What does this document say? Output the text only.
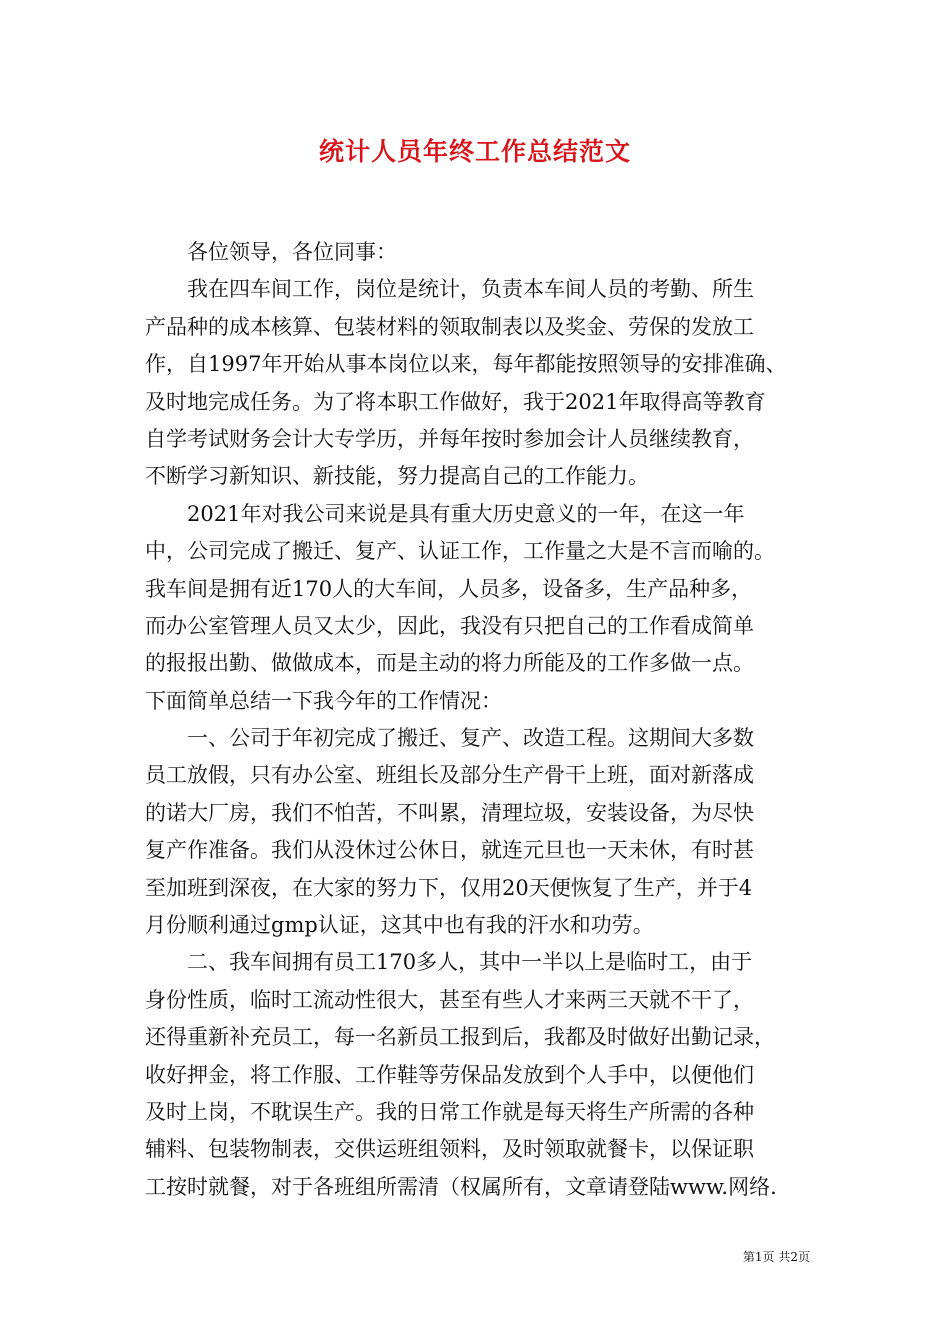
统计人员年终工作总结范文
　　各位领导，各位同事：
　　我在四车间工作，岗位是统计，负责本车间人员的考勤、所生
产品种的成本核算、包装材料的领取制表以及奖金、劳保的发放工
作，自1997年开始从事本岗位以来，每年都能按照领导的安排准确、
及时地完成任务。为了将本职工作做好，我于2021年取得高等教育
自学考试财务会计大专学历，并每年按时参加会计人员继续教育，
不断学习新知识、新技能，努力提高自己的工作能力。
　　2021年对我公司来说是具有重大历史意义的一年，在这一年
中，公司完成了搬迁、复产、认证工作，工作量之大是不言而喻的。
我车间是拥有近170人的大车间，人员多，设备多，生产品种多，
而办公室管理人员又太少，因此，我没有只把自己的工作看成简单
的报报出勤、做做成本，而是主动的将力所能及的工作多做一点。
下面简单总结一下我今年的工作情况：
　　一、公司于年初完成了搬迁、复产、改造工程。这期间大多数
员工放假，只有办公室、班组长及部分生产骨干上班，面对新落成
的诺大厂房，我们不怕苦，不叫累，清理垃圾，安装设备，为尽快
复产作准备。我们从没休过公休日，就连元旦也一天未休，有时甚
至加班到深夜，在大家的努力下，仅用20天便恢复了生产，并于4
月份顺利通过gmp认证，这其中也有我的汗水和功劳。
　　二、我车间拥有员工170多人，其中一半以上是临时工，由于
身份性质，临时工流动性很大，甚至有些人才来两三天就不干了，
还得重新补充员工，每一名新员工报到后，我都及时做好出勤记录，
收好押金，将工作服、工作鞋等劳保品发放到个人手中，以便他们
及时上岗，不耽误生产。我的日常工作就是每天将生产所需的各种
辅料、包装物制表，交供运班组领料，及时领取就餐卡，以保证职
工按时就餐，对于各班组所需清（权属所有，文章请登陆www.网络.
第1页 共2页
